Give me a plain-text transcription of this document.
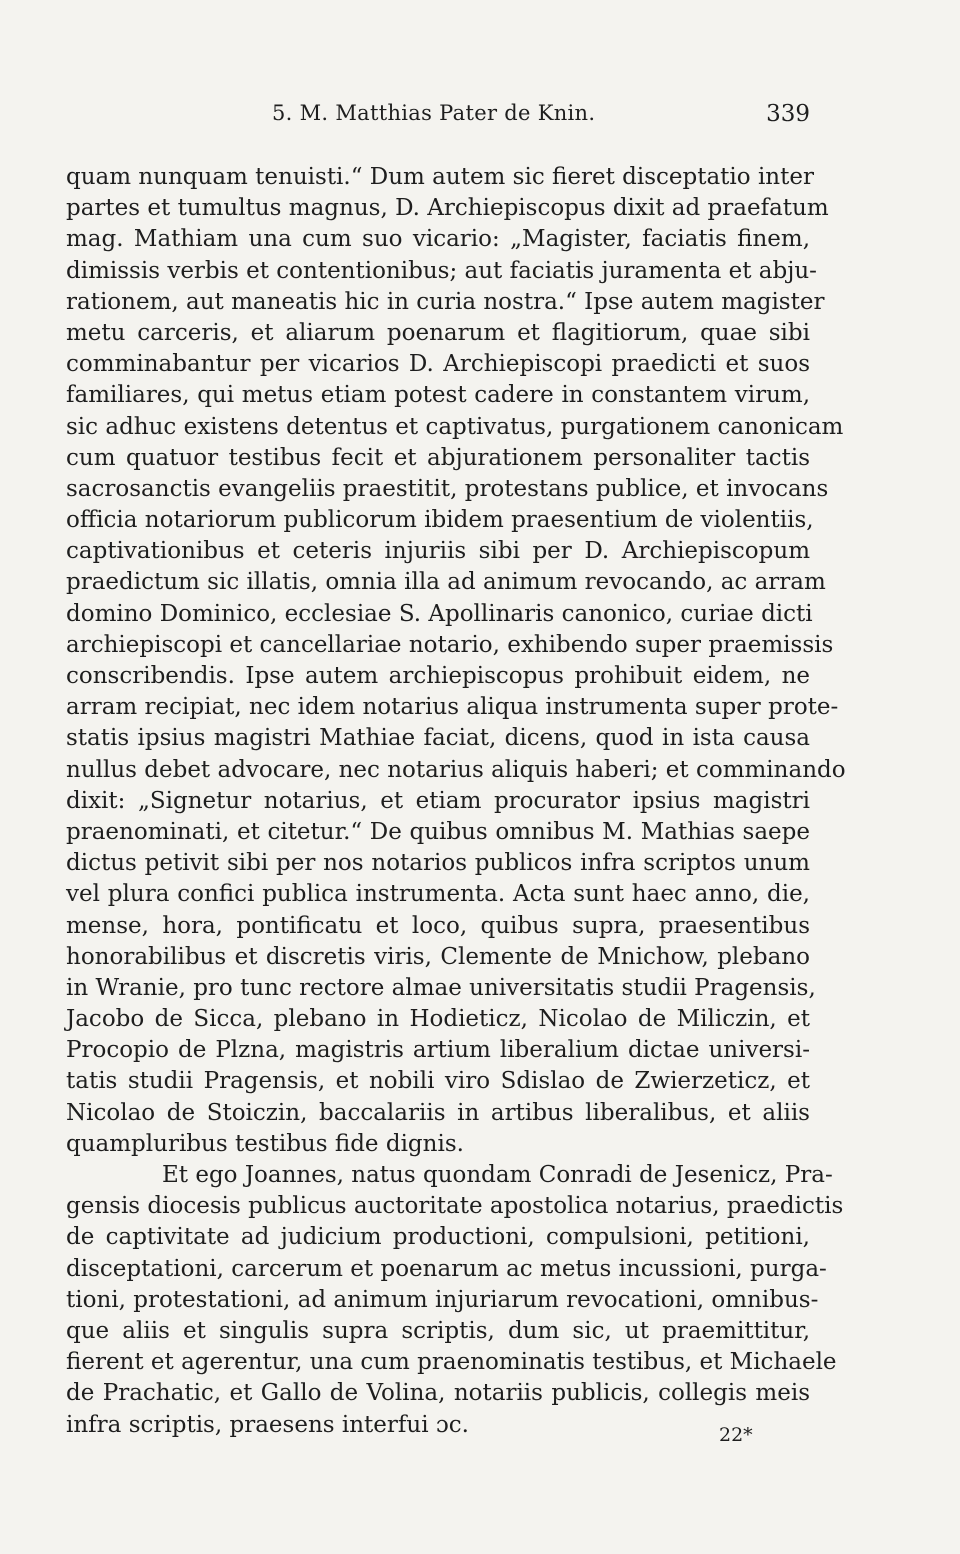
5. M. Matthias Pater de Knin.	339
quam nunquam tenuisti.“ Dum autem sic fieret disceptatio inter
partes et tumultus magnus, D. Archiepiscopus dixit ad praefatum
mag. Mathiam una cum suo vicario: „Magister, faciatis finem,
dimissis verbis et contentionibus; aut faciatis juramenta et abju-
rationem, aut maneatis hic in curia nostra.“ Ipse autem magister
metu carceris, et aliarum poenarum et flagitiorum, quae sibi
comminabantur per vicarios D. Archiepiscopi praedicti et suos
familiares, qui metus etiam potest cadere in constantem virum,
sic adhuc existens detentus et captivatus, purgationem canonicam
cum quatuor testibus fecit et abjurationem personaliter tactis
sacrosanctis evangeliis praestitit, protestans publice, et invocans
officia notariorum publicorum ibidem praesentium de violentiis,
captivationibus et ceteris injuriis sibi per D. Archiepiscopum
praedictum sic illatis, omnia illa ad animum revocando, ac arram
domino Dominico, ecclesiae S. Apollinaris canonico, curiae dicti
archiepiscopi et cancellariae notario, exhibendo super praemissis
conscribendis. Ipse autem archiepiscopus prohibuit eidem, ne
arram recipiat, nec idem notarius aliqua instrumenta super prote-
statis ipsius magistri Mathiae faciat, dicens, quod in ista causa
nullus debet advocare, nec notarius aliquis haberi; et comminando
dixit: „Signetur notarius, et etiam procurator ipsius magistri
praenominati, et citetur.“ De quibus omnibus M. Mathias saepe
dictus petivit sibi per nos notarios publicos infra scriptos unum
vel plura confici publica instrumenta. Acta sunt haec anno, die,
mense, hora, pontificatu et loco, quibus supra, praesentibus
honorabilibus et discretis viris, Clemente de Mnichow, plebano
in Wranie, pro tunc rectore almae universitatis studii Pragensis,
Jacobo de Sicca, plebano in Hodieticz, Nicolao de Miliczin, et
Procopio de Plzna, magistris artium liberalium dictae universi-
tatis studii Pragensis, et nobili viro Sdislao de Zwierzeticz, et
Nicolao de Stoiczin, baccalariis in artibus liberalibus, et aliis
quampluribus testibus fide dignis.
Et ego Joannes, natus quondam Conradi de Jesenicz, Pra-
gensis diocesis publicus auctoritate apostolica notarius, praedictis
de captivitate ad judicium productioni, compulsioni, petitioni,
disceptationi, carcerum et poenarum ac metus incussioni, purga-
tioni, protestationi, ad animum injuriarum revocationi, omnibus-
que aliis et singulis supra scriptis, dum sic, ut praemittitur,
fierent et agerentur, una cum praenominatis testibus, et Michaele
de Prachatic, et Gallo de Volina, notariis publicis, collegis meis
infra scriptis, praesens interfui ɔc.	22*
